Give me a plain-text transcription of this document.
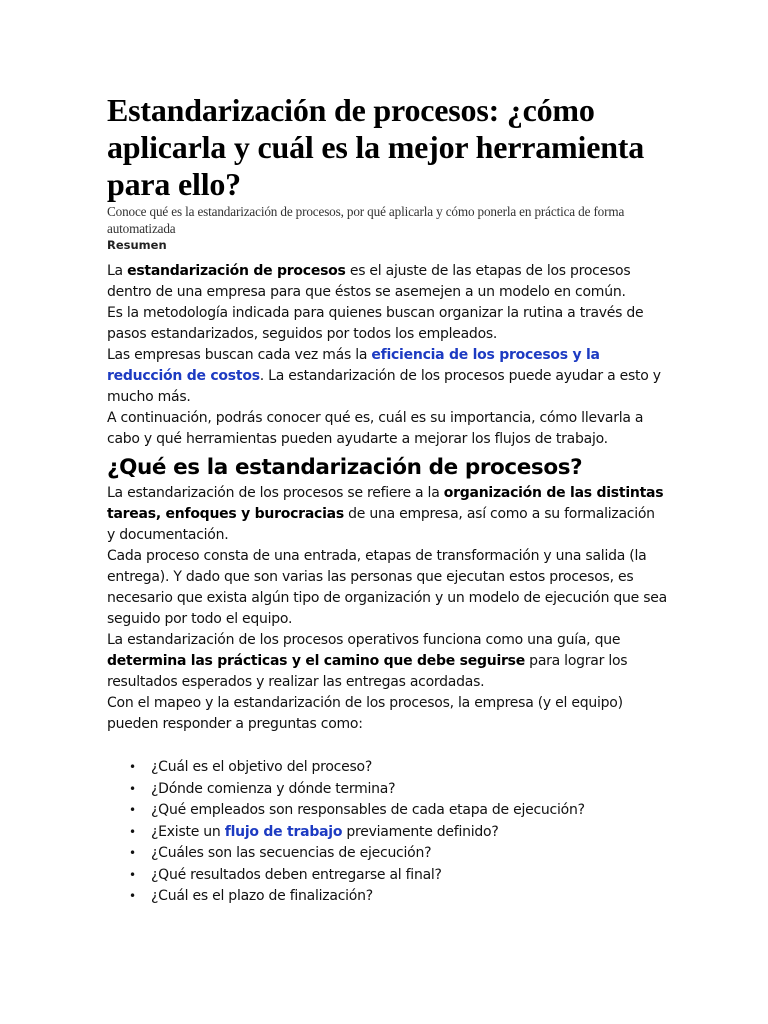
Estandarización de procesos: ¿cómo aplicarla y cuál es la mejor herramienta para ello?

Conoce qué es la estandarización de procesos, por qué aplicarla y cómo ponerla en práctica de forma automatizada

Resumen

La estandarización de procesos es el ajuste de las etapas de los procesos dentro de una empresa para que éstos se asemejen a un modelo en común.

Es la metodología indicada para quienes buscan organizar la rutina a través de pasos estandarizados, seguidos por todos los empleados.

Las empresas buscan cada vez más la eficiencia de los procesos y la reducción de costos. La estandarización de los procesos puede ayudar a esto y mucho más.

A continuación, podrás conocer qué es, cuál es su importancia, cómo llevarla a cabo y qué herramientas pueden ayudarte a mejorar los flujos de trabajo.

¿Qué es la estandarización de procesos?

La estandarización de los procesos se refiere a la organización de las distintas tareas, enfoques y burocracias de una empresa, así como a su formalización y documentación.

Cada proceso consta de una entrada, etapas de transformación y una salida (la entrega). Y dado que son varias las personas que ejecutan estos procesos, es necesario que exista algún tipo de organización y un modelo de ejecución que sea seguido por todo el equipo.

La estandarización de los procesos operativos funciona como una guía, que determina las prácticas y el camino que debe seguirse para lograr los resultados esperados y realizar las entregas acordadas.

Con el mapeo y la estandarización de los procesos, la empresa (y el equipo) pueden responder a preguntas como:

• ¿Cuál es el objetivo del proceso?
• ¿Dónde comienza y dónde termina?
• ¿Qué empleados son responsables de cada etapa de ejecución?
• ¿Existe un flujo de trabajo previamente definido?
• ¿Cuáles son las secuencias de ejecución?
• ¿Qué resultados deben entregarse al final?
• ¿Cuál es el plazo de finalización?
